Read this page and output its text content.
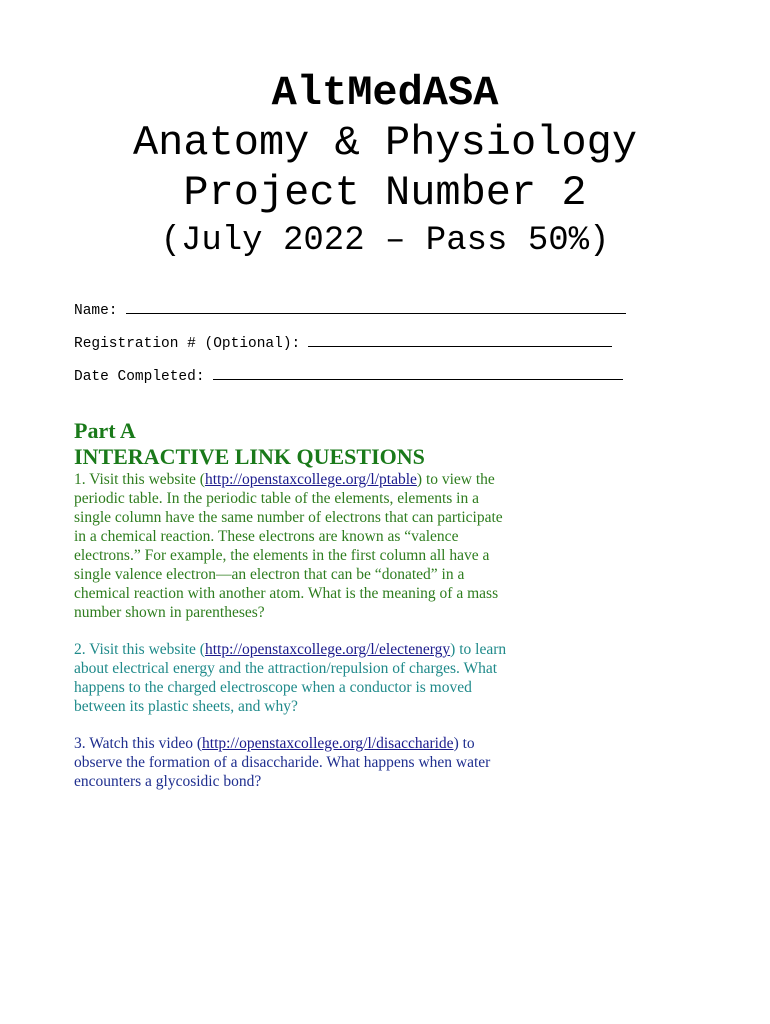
AltMedASA

Anatomy & Physiology

Project Number 2

(July 2022 – Pass 50%)

Name:
Registration # (Optional):
Date Completed:

Part A

INTERACTIVE LINK QUESTIONS

1. Visit this website (http://openstaxcollege.org/l/ptable) to view the periodic table. In the periodic table of the elements, elements in a single column have the same number of electrons that can participate in a chemical reaction. These electrons are known as “valence electrons.” For example, the elements in the first column all have a single valence electron—an electron that can be “donated” in a chemical reaction with another atom. What is the meaning of a mass number shown in parentheses?

2. Visit this website (http://openstaxcollege.org/l/electenergy) to learn about electrical energy and the attraction/repulsion of charges. What happens to the charged electroscope when a conductor is moved between its plastic sheets, and why?

3. Watch this video (http://openstaxcollege.org/l/disaccharide) to observe the formation of a disaccharide. What happens when water encounters a glycosidic bond?
